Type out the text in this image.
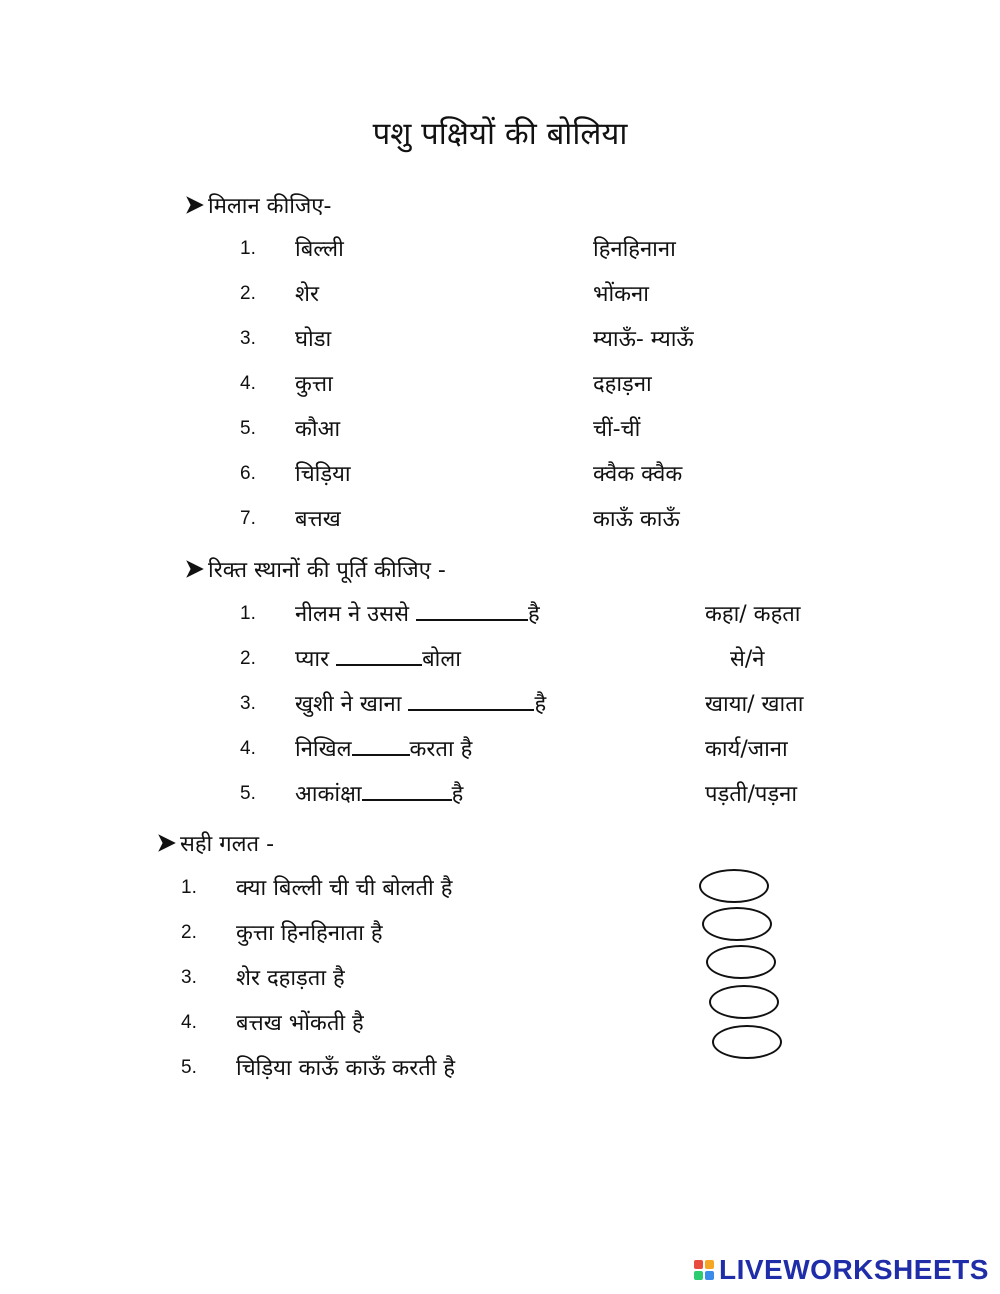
पशु पक्षियों की बोलिया
मिलान कीजिए-
1. बिल्ली	हिनहिनाना
2. शेर	भोंकना
3. घोडा	म्याऊँ- म्याऊँ
4. कुत्ता	दहाड़ना
5. कौआ	चीं-चीं
6. चिड़िया	क्वैक क्वैक
7. बत्तख	काऊँ काऊँ
रिक्त स्थानों की पूर्ति कीजिए -
1. नीलम ने उससे	है	कहा/ कहता
2. प्यार	बोला	से/ने
3. खुशी ने खाना	है	खाया/ खाता
4. निखिल	करता है	कार्य/जाना
5. आकांक्षा	है	पड़ती/पड़ना
सही गलत -
1. क्या बिल्ली ची ची बोलती है
2. कुत्ता हिनहिनाता है
3. शेर दहाड़ता है
4. बत्तख भोंकती है
5. चिड़िया काऊँ काऊँ करती है
LIVEWORKSHEETS
